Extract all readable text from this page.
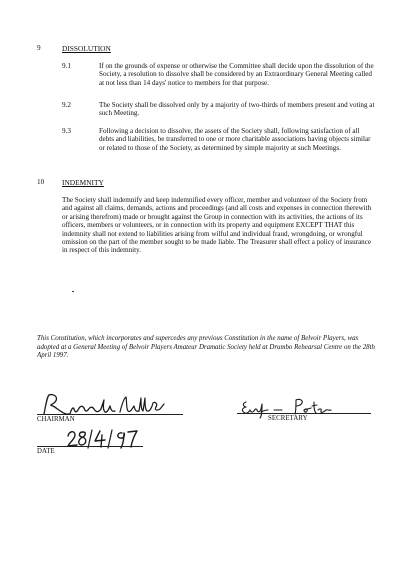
9	DISSOLUTION
9.1	If on the grounds of expense or otherwise the Committee shall decide upon the dissolution of the Society, a resolution to dissolve shall be considered by an Extraordinary General Meeting called at not less than 14 days' notice to members for that purpose.
9.2	The Society shall be dissolved only by a majority of two-thirds of members present and voting at such Meeting.
9.3	Following a decision to dissolve, the assets of the Society shall, following satisfaction of all debts and liabilities, be transferred to one or more charitable associations having objects similar or related to those of the Society, as determined by simple majority at such Meetings.
10 INDEMNITY
The Society shall indemnify and keep indemnified every officer, member and volunteer of the Society from and against all claims, demands, actions and proceedings (and all costs and expenses in connection therewith or arising therefrom) made or brought against the Group in connection with its activities, the actions of its officers, members or volunteers, or in connection with its property and equipment EXCEPT THAT this indemnity shall not extend to liabilities arising from wilful and individual fraud, wrongdoing, or wrongful omission on the part of the member sought to be made liable. The Treasurer shall effect a policy of insurance in respect of this indemnity.
This Constitution, which incorporates and supercedes any previous Constitution in the name of Belvoir Players, was adopted at a General Meeting of Belvoir Players Amateur Dramatic Society held at Drumbo Rehearsal Centre on the 28th April 1997.
CHAIRMAN	SECRETARY
DATE
